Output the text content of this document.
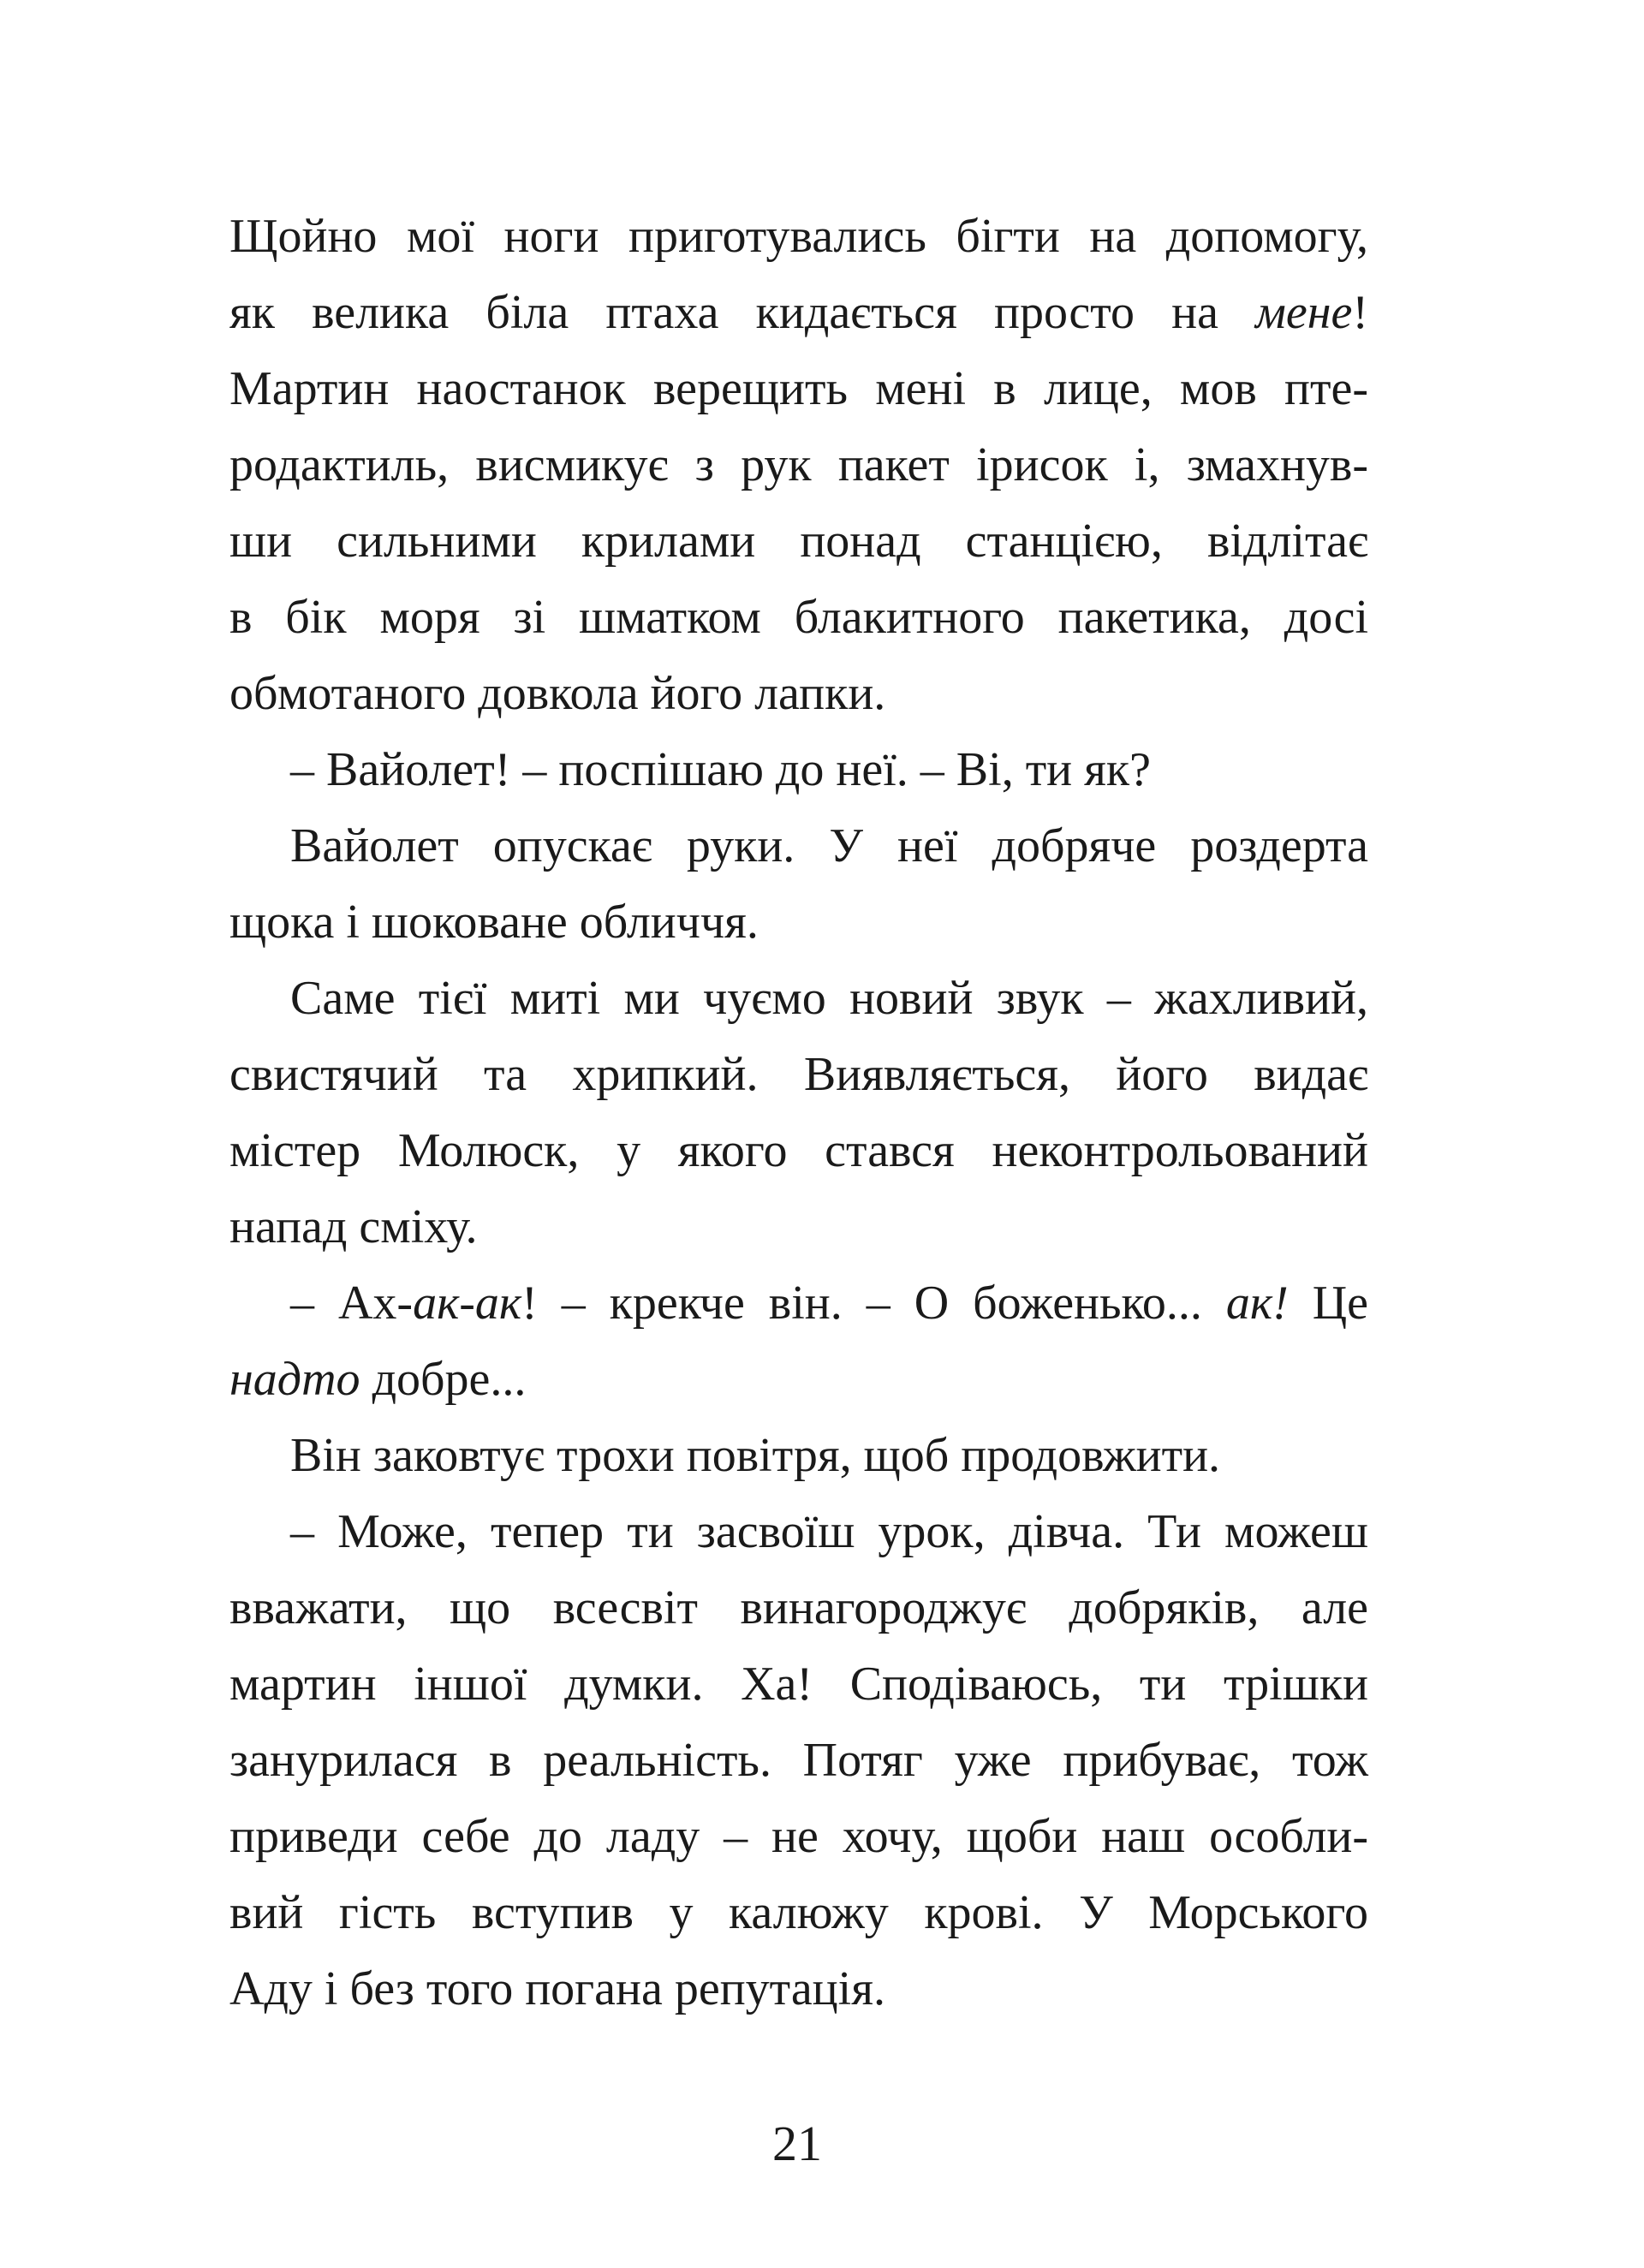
Щойно мої ноги приготувались бігти на допомогу,
як велика біла птаха кидається просто на мене!
Мартин наостанок верещить мені в лице, мов пте-
родактиль, висмикує з рук пакет ірисок і, змахнув-
ши сильними крилами понад станцією, відлітає
в бік моря зі шматком блакитного пакетика, досі
обмотаного довкола його лапки.
– Вайолет! – поспішаю до неї. – Ві, ти як?
Вайолет опускає руки. У неї добряче роздерта
щока і шоковане обличчя.
Саме тієї миті ми чуємо новий звук – жахливий,
свистячий та хрипкий. Виявляється, його видає
містер Молюск, у якого стався неконтрольований
напад сміху.
– Ах-ак-ак! – крекче він. – О боженько... ак! Це
надто добре...
Він заковтує трохи повітря, щоб продовжити.
– Може, тепер ти засвоїш урок, дівча. Ти можеш
вважати, що всесвіт винагороджує добряків, але
мартин іншої думки. Ха! Сподіваюсь, ти трішки
занурилася в реальність. Потяг уже прибуває, тож
приведи себе до ладу – не хочу, щоби наш особли-
вий гість вступив у калюжу крові. У Морського
Аду і без того погана репутація.
21
